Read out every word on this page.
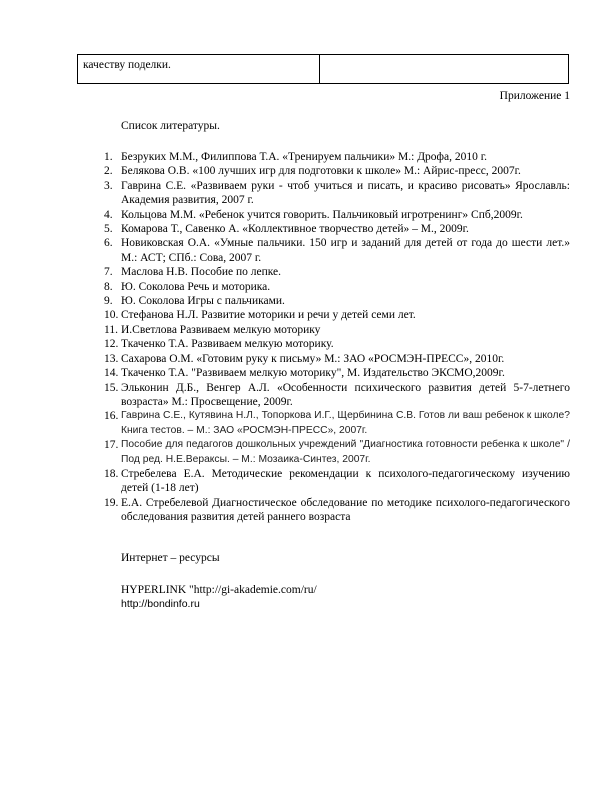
качеству поделки.
Приложение 1
Список литературы.
1. Безруких М.М., Филиппова Т.А. «Тренируем пальчики» М.: Дрофа, 2010 г.
2. Белякова О.В. «100 лучших игр для подготовки к школе» М.: Айрис-пресс, 2007г.
3. Гаврина С.Е. «Развиваем руки - чтоб учиться и писать, и красиво рисовать» Ярославль: Академия развития, 2007 г.
4. Кольцова М.М. «Ребенок учится говорить. Пальчиковый игротренинг» Спб,2009г.
5. Комарова Т., Савенко А. «Коллективное творчество детей» – М., 2009г.
6. Новиковская О.А. «Умные пальчики. 150 игр и заданий для детей от года до шести лет.» М.: АСТ; СПб.: Сова, 2007 г.
7. Маслова Н.В. Пособие по лепке.
8. Ю. Соколова Речь и моторика.
9. Ю. Соколова Игры с пальчиками.
10. Стефанова Н.Л. Развитие моторики и речи у детей семи лет.
11. И.Светлова Развиваем мелкую моторику
12. Ткаченко Т.А. Развиваем мелкую моторику.
13. Сахарова О.М. «Готовим руку к письму» М.: ЗАО «РОСМЭН-ПРЕСС», 2010г.
14. Ткаченко Т.А. "Развиваем мелкую моторику", М. Издательство ЭКСМО,2009г.
15. Эльконин Д.Б., Венгер А.Л. «Особенности психического развития детей 5-7-летнего возраста» М.: Просвещение, 2009г.
16. Гаврина С.Е., Кутявина Н.Л., Топоркова И.Г., Щербинина С.В. Готов ли ваш ребенок к школе? Книга тестов. – М.: ЗАО «РОСМЭН-ПРЕСС», 2007г.
17. Пособие для педагогов дошкольных учреждений "Диагностика готовности ребенка к школе" / Под ред. Н.Е.Вераксы. – М.: Мозаика-Синтез, 2007г.
18. Стребелева Е.А. Методические рекомендации к психолого-педагогическому изучению детей (1-18 лет)
19. Е.А. Стребелевой Диагностическое обследование по методике психолого-педагогического обследования развития детей раннего возраста
Интернет – ресурсы
HYPERLINK "http://gi-akademie.com/ru/
http://bondinfo.ru
